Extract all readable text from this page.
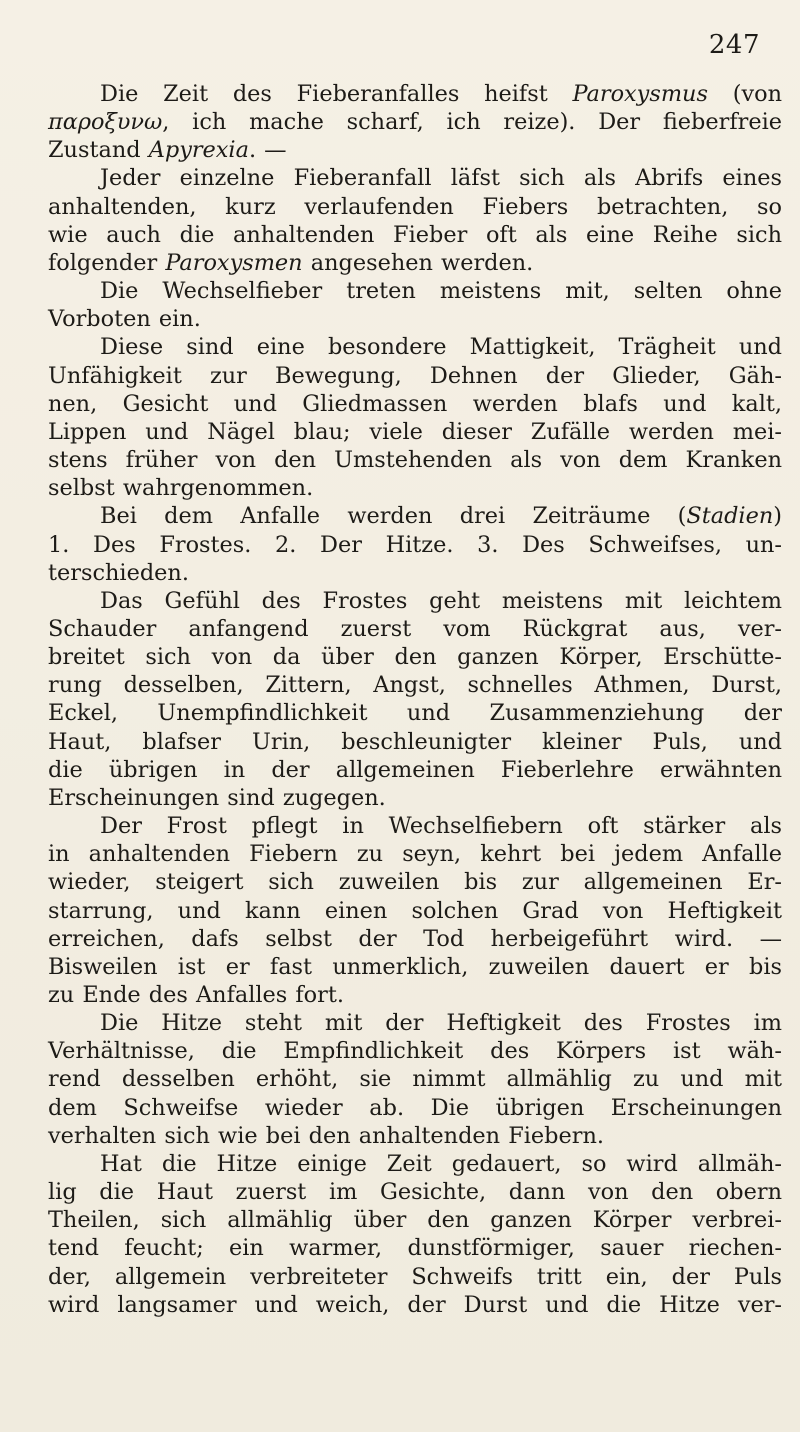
247

Die Zeit des Fieberanfalles heifst Paroxysmus (von
παροξυνω, ich mache scharf, ich reize). Der fieberfreie
Zustand Apyrexia. —

Jeder einzelne Fieberanfall läfst sich als Abrifs eines
anhaltenden, kurz verlaufenden Fiebers betrachten, so
wie auch die anhaltenden Fieber oft als eine Reihe sich
folgender Paroxysmen angesehen werden.

Die Wechselfieber treten meistens mit, selten ohne
Vorboten ein.

Diese sind eine besondere Mattigkeit, Trägheit und
Unfähigkeit zur Bewegung, Dehnen der Glieder, Gäh-
nen, Gesicht und Gliedmassen werden blafs und kalt,
Lippen und Nägel blau; viele dieser Zufälle werden mei-
stens früher von den Umstehenden als von dem Kranken
selbst wahrgenommen.

Bei dem Anfalle werden drei Zeiträume (Stadien)
1. Des Frostes. 2. Der Hitze. 3. Des Schweifses, un-
terschieden.

Das Gefühl des Frostes geht meistens mit leichtem
Schauder anfangend zuerst vom Rückgrat aus, ver-
breitet sich von da über den ganzen Körper, Erschütte-
rung desselben, Zittern, Angst, schnelles Athmen, Durst,
Eckel, Unempfindlichkeit und Zusammenziehung der
Haut, blafser Urin, beschleunigter kleiner Puls, und
die übrigen in der allgemeinen Fieberlehre erwähnten
Erscheinungen sind zugegen.

Der Frost pflegt in Wechselfiebern oft stärker als
in anhaltenden Fiebern zu seyn, kehrt bei jedem Anfalle
wieder, steigert sich zuweilen bis zur allgemeinen Er-
starrung, und kann einen solchen Grad von Heftigkeit
erreichen, dafs selbst der Tod herbeigeführt wird. —
Bisweilen ist er fast unmerklich, zuweilen dauert er bis
zu Ende des Anfalles fort.

Die Hitze steht mit der Heftigkeit des Frostes im
Verhältnisse, die Empfindlichkeit des Körpers ist wäh-
rend desselben erhöht, sie nimmt allmählig zu und mit
dem Schweifse wieder ab. Die übrigen Erscheinungen
verhalten sich wie bei den anhaltenden Fiebern.

Hat die Hitze einige Zeit gedauert, so wird allmäh-
lig die Haut zuerst im Gesichte, dann von den obern
Theilen, sich allmählig über den ganzen Körper verbrei-
tend feucht; ein warmer, dunstförmiger, sauer riechen-
der, allgemein verbreiteter Schweifs tritt ein, der Puls
wird langsamer und weich, der Durst und die Hitze ver-
